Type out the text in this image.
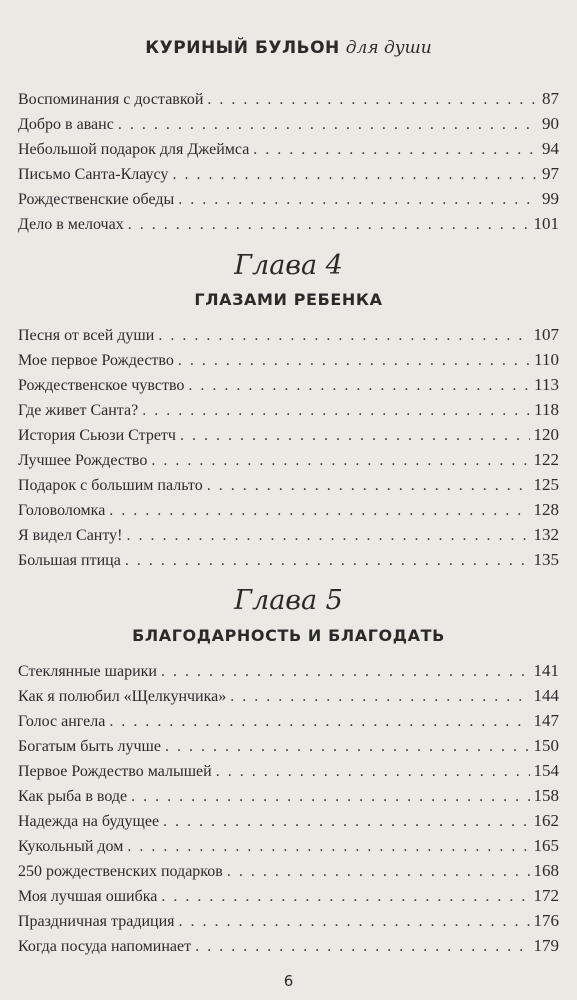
КУРИНЫЙ БУЛЬОН для души
Воспоминания с доставкой . . .	87
Добро в аванс . . .	90
Небольшой подарок для Джеймса . . .	94
Письмо Санта-Клаусу . . .	97
Рождественские обеды . . .	99
Дело в мелочах . . .	101
Глава 4
ГЛАЗАМИ РЕБЕНКА
Песня от всей души . . .	107
Мое первое Рождество . . .	110
Рождественское чувство . . .	113
Где живет Санта? . . .	118
История Сьюзи Стретч . . .	120
Лучшее Рождество . . .	122
Подарок с большим пальто . . .	125
Головоломка . . .	128
Я видел Санту! . . .	132
Большая птица . . .	135
Глава 5
БЛАГОДАРНОСТЬ И БЛАГОДАТЬ
Стеклянные шарики . . .	141
Как я полюбил «Щелкунчика» . . .	144
Голос ангела . . .	147
Богатым быть лучше . . .	150
Первое Рождество малышей . . .	154
Как рыба в воде . . .	158
Надежда на будущее . . .	162
Кукольный дом . . .	165
250 рождественских подарков . . .	168
Моя лучшая ошибка . . .	172
Праздничная традиция . . .	176
Когда посуда напоминает . . .	179
6
